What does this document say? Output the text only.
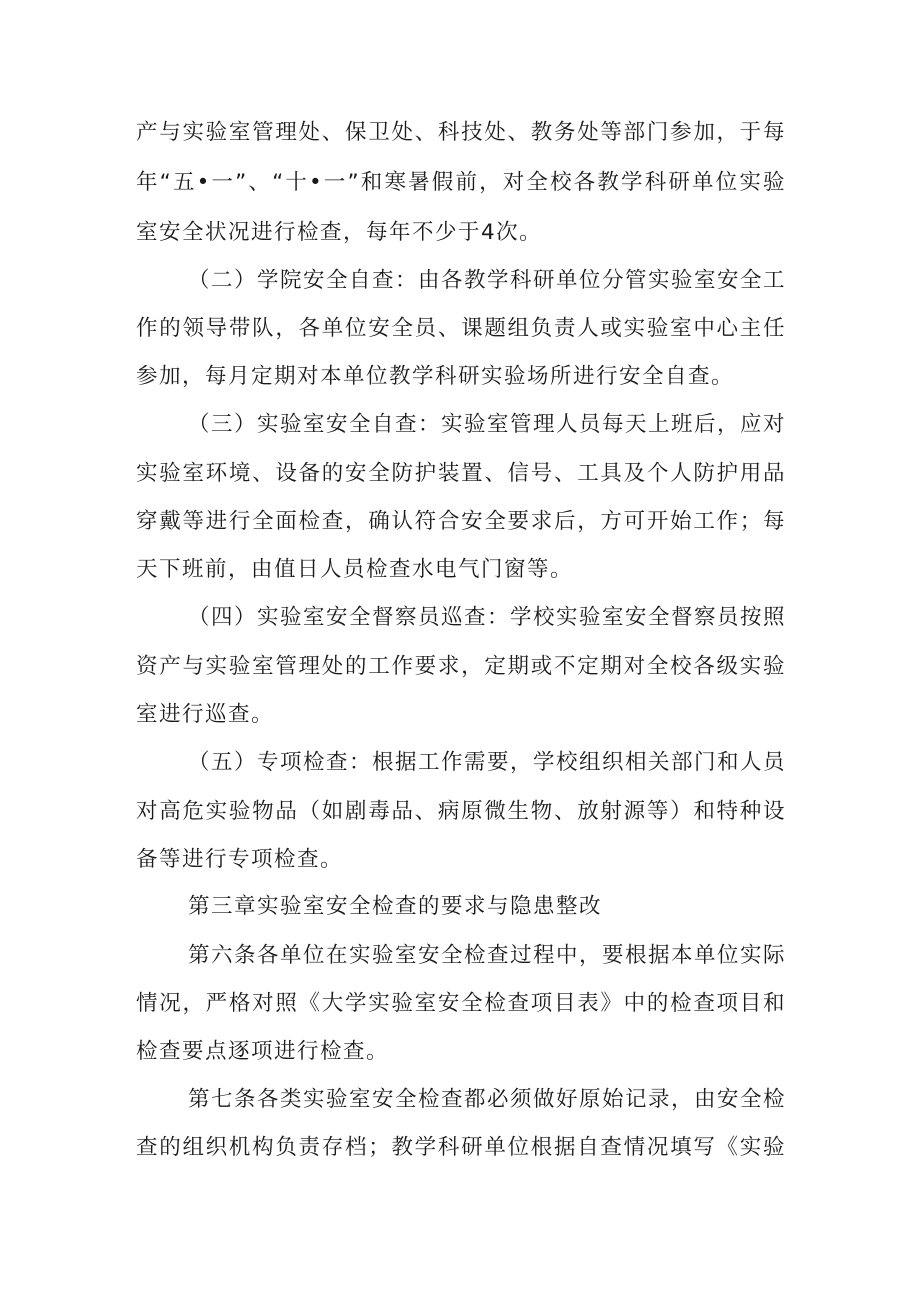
产与实验室管理处、保卫处、科技处、教务处等部门参加，于每
年“五•一”、“十•一”和寒暑假前，对全校各教学科研单位实验
室安全状况进行检查，每年不少于4次。
（二）学院安全自查：由各教学科研单位分管实验室安全工
作的领导带队，各单位安全员、课题组负责人或实验室中心主任
参加，每月定期对本单位教学科研实验场所进行安全自查。
（三）实验室安全自查：实验室管理人员每天上班后，应对
实验室环境、设备的安全防护装置、信号、工具及个人防护用品
穿戴等进行全面检查，确认符合安全要求后，方可开始工作；每
天下班前，由值日人员检查水电气门窗等。
（四）实验室安全督察员巡查：学校实验室安全督察员按照
资产与实验室管理处的工作要求，定期或不定期对全校各级实验
室进行巡查。
（五）专项检查：根据工作需要，学校组织相关部门和人员
对高危实验物品（如剧毒品、病原微生物、放射源等）和特种设
备等进行专项检查。
第三章实验室安全检查的要求与隐患整改
第六条各单位在实验室安全检查过程中，要根据本单位实际
情况，严格对照《大学实验室安全检查项目表》中的检查项目和
检查要点逐项进行检查。
第七条各类实验室安全检查都必须做好原始记录，由安全检
查的组织机构负责存档；教学科研单位根据自查情况填写《实验
